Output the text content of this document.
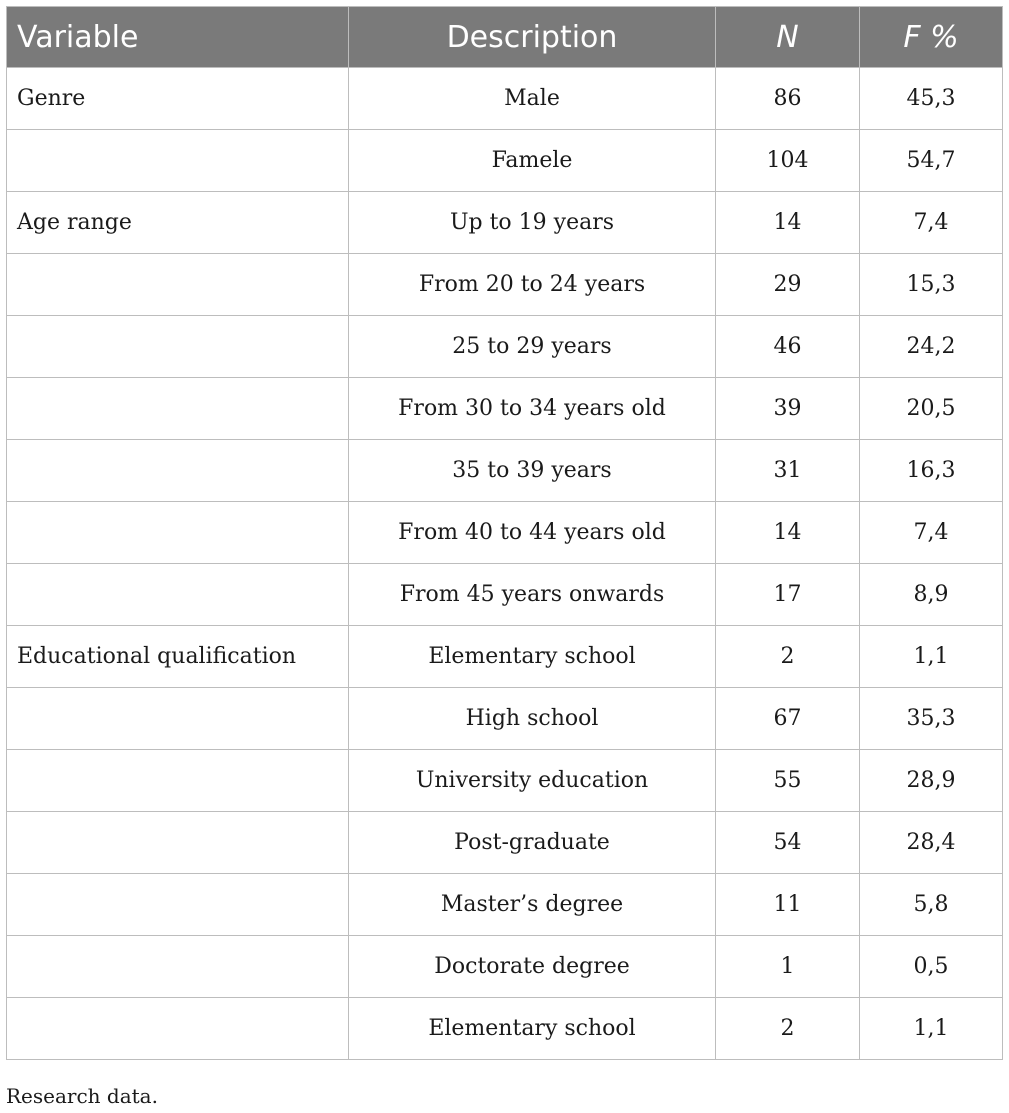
Variable	Description	N	F %
Genre	Male	86	45,3
	Famele	104	54,7
Age range	Up to 19 years	14	7,4
	From 20 to 24 years	29	15,3
	25 to 29 years	46	24,2
	From 30 to 34 years old	39	20,5
	35 to 39 years	31	16,3
	From 40 to 44 years old	14	7,4
	From 45 years onwards	17	8,9
Educational qualification	Elementary school	2	1,1
	High school	67	35,3
	University education	55	28,9
	Post-graduate	54	28,4
	Master’s degree	11	5,8
	Doctorate degree	1	0,5
	Elementary school	2	1,1
Research data.
